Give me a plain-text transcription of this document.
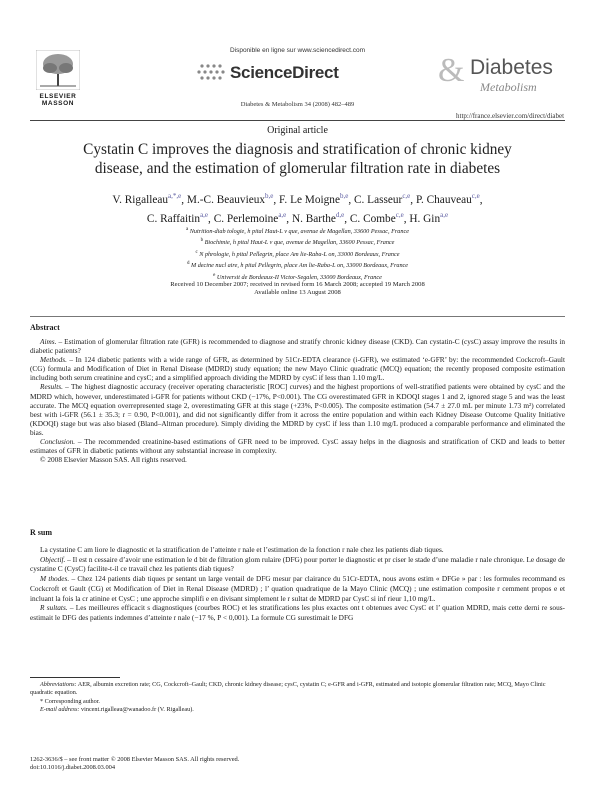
ELSEVIER MASSON
Disponible en ligne sur www.sciencedirect.com
ScienceDirect
Diabetes & Metabolism 34 (2008) 482–489
& Diabetes
Metabolism
http://france.elsevier.com/direct/diabet
Original article
Cystatin C improves the diagnosis and stratification of chronic kidney
disease, and the estimation of glomerular filtration rate in diabetes
V. Rigalleau$^{a,*,e}$, M.-C. Beauvieux$^{b,e}$, F. Le Moigne$^{b,e}$, C. Lasseur$^{c,e}$, P. Chauveau$^{c,e}$,
C. Raffaitin$^{a,e}$, C. Perlemoine$^{a,e}$, N. Barthe$^{d,e}$, C. Combe$^{c,e}$, H. Gin$^{a,e}$
$^a$ Nutrition-diab tologie, h pital Haut-L v que, avenue de Magellan, 33600 Pessac, France
$^b$ Biochimie, h pital Haut-L v que, avenue de Magellan, 33600 Pessac, France
$^c$ N phrologie, h pital Pellegrin, place Am lie-Raba-L on, 33000 Bordeaux, France
$^d$ M decine nucl aire, h pital Pellegrin, place Am lie-Raba-L on, 33000 Bordeaux, France
$^e$ Universit de Bordeaux-II Victor-Segalen, 33000 Bordeaux, France
Received 10 December 2007; received in revised form 16 March 2008; accepted 19 March 2008
Available online 13 August 2008
Abstract

Aims. – Estimation of glomerular filtration rate (GFR) is recommended to diagnose and stratify chronic kidney disease (CKD). Can cystatin-C (cysC) assay improve the results in diabetic patients?

Methods. – In 124 diabetic patients with a wide range of GFR, as determined by 51Cr-EDTA clearance (i-GFR), we estimated ‘e-GFR’ by: the recommended Cockcroft–Gault (CG) formula and Modification of Diet in Renal Disease (MDRD) study equation; the new Mayo Clinic quadratic (MCQ) equation; the recently proposed composite estimation including both serum creatinine and cysC; and a simplified approach dividing the MDRD by cysC if less than 1.10 mg/L.

Results. – The highest diagnostic accuracy (receiver operating characteristic [ROC] curves) and the highest proportions of well-stratified patients were obtained by cysC and the MDRD which, however, underestimated i-GFR for patients without CKD (−17%, P<0.001). The CG overestimated GFR in KDOQI stages 1 and 2, ignored stage 5 and was the least accurate. The MCQ equation overrepresented stage 2, overestimating GFR at this stage (+23%, P<0.005). The composite estimation (54.7 ± 27.0 mL per minute 1.73 m²) correlated best with i-GFR (56.1 ± 35.3; r = 0.90, P<0.001), and did not significantly differ from it across the entire population and within each Kidney Disease Outcome Quality Initiative (KDOQI) stage but was also biased (Bland–Altman procedure). Simply dividing the MDRD by cysC if less than 1.10 mg/L produced a comparable performance and eliminated the bias.

Conclusion. – The recommended creatinine-based estimations of GFR need to be improved. CysC assay helps in the diagnosis and stratification of CKD and leads to better estimates of GFR in diabetic patients without any substantial increase in complexity.

© 2008 Elsevier Masson SAS. All rights reserved.

R sum

La cystatine C am liore le diagnostic et la stratification de l’atteinte r nale et l’estimation de la fonction r nale chez les patients diab tiques.

Objectif. – Il est n cessaire d’avoir une estimation le d bit de filtration glom rulaire (DFG) pour porter le diagnostic et pr ciser le stade d’une maladie r nale chronique. Le dosage de cystatine C (CysC) facilite-t-il ce travail chez les patients diab tiques?

M thodes. – Chez 124 patients diab tiques pr sentant un large ventail de DFG mesur par clairance du 51Cr-EDTA, nous avons estim « DFGe » par : les formules recommand es Cockcroft et Gault (CG) et Modification of Diet in Renal Disease (MDRD) ; l’ quation quadratique de la Mayo Clinic (MCQ) ; une estimation composite r cemment propos e et incluant la fois la cr atinine et CysC ; une approche simplifi e en divisant simplement le r sultat de MDRD par CysC si inf rieur 1,10 mg/L.

R sultats. – Les meilleures efficacit s diagnostiques (courbes ROC) et les stratifications les plus exactes ont t obtenues avec CysC et l’ quation MDRD, mais cette derni re sous-estimait le DFG des patients indemnes d’atteinte r nale (−17 %, P < 0,001). La formule CG surestimait le DFG

Abbreviations: AER, albumin excretion rate; CG, Cockcroft–Gault; CKD, chronic kidney disease; cysC, cystatin C; e-GFR and i-GFR, estimated and isotopic glomerular filtration rate; MCQ, Mayo Clinic quadratic equation.

* Corresponding author.

E-mail address: vincent.rigalleau@wanadoo.fr (V. Rigalleau).

1262-3636/$ – see front matter © 2008 Elsevier Masson SAS. All rights reserved.
doi:10.1016/j.diabet.2008.03.004
